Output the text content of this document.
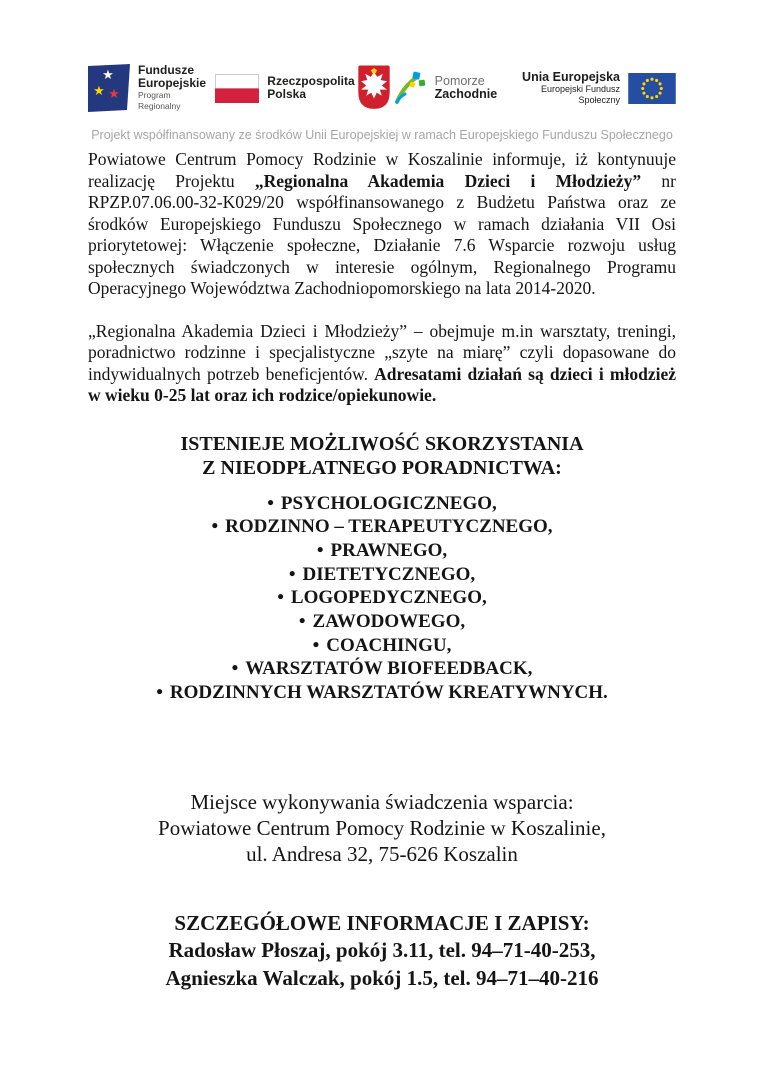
★
★ ★
Fundusze
Europejskie
Program Regionalny
Rzeczpospolita
Polska
Pomorze
Zachodnie
Unia Europejska
Europejski Fundusz Społeczny
Projekt współfinansowany ze środków Unii Europejskiej w ramach Europejskiego Funduszu Społecznego

Powiatowe Centrum Pomocy Rodzinie w Koszalinie informuje, iż kontynuuje realizację Projektu „Regionalna Akademia Dzieci i Młodzieży” nr RPZP.07.06.00-32-K029/20 współfinansowanego z Budżetu Państwa oraz ze środków Europejskiego Funduszu Społecznego w ramach działania VII Osi priorytetowej: Włączenie społeczne, Działanie 7.6 Wsparcie rozwoju usług społecznych świadczonych w interesie ogólnym, Regionalnego Programu Operacyjnego Województwa Zachodniopomorskiego na lata 2014-2020.

„Regionalna Akademia Dzieci i Młodzieży” – obejmuje m.in warsztaty, treningi, poradnictwo rodzinne i specjalistyczne „szyte na miarę” czyli dopasowane do indywidualnych potrzeb beneficjentów. Adresatami działań są dzieci i młodzież w wieku 0-25 lat oraz ich rodzice/opiekunowie.

ISTENIEJE MOŻLIWOŚĆ SKORZYSTANIA
Z NIEODPŁATNEGO PORADNICTWA:
• PSYCHOLOGICZNEGO,
• RODZINNO – TERAPEUTYCZNEGO,
• PRAWNEGO,
• DIETETYCZNEGO,
• LOGOPEDYCZNEGO,
• ZAWODOWEGO,
• COACHINGU,
• WARSZTATÓW BIOFEEDBACK,
• RODZINNYCH WARSZTATÓW KREATYWNYCH.
Miejsce wykonywania świadczenia wsparcia:
Powiatowe Centrum Pomocy Rodzinie w Koszalinie,
ul. Andresa 32, 75-626 Koszalin
SZCZEGÓŁOWE INFORMACJE I ZAPISY:
Radosław Płoszaj, pokój 3.11, tel. 94–71-40-253,
Agnieszka Walczak, pokój 1.5, tel. 94–71–40-216
